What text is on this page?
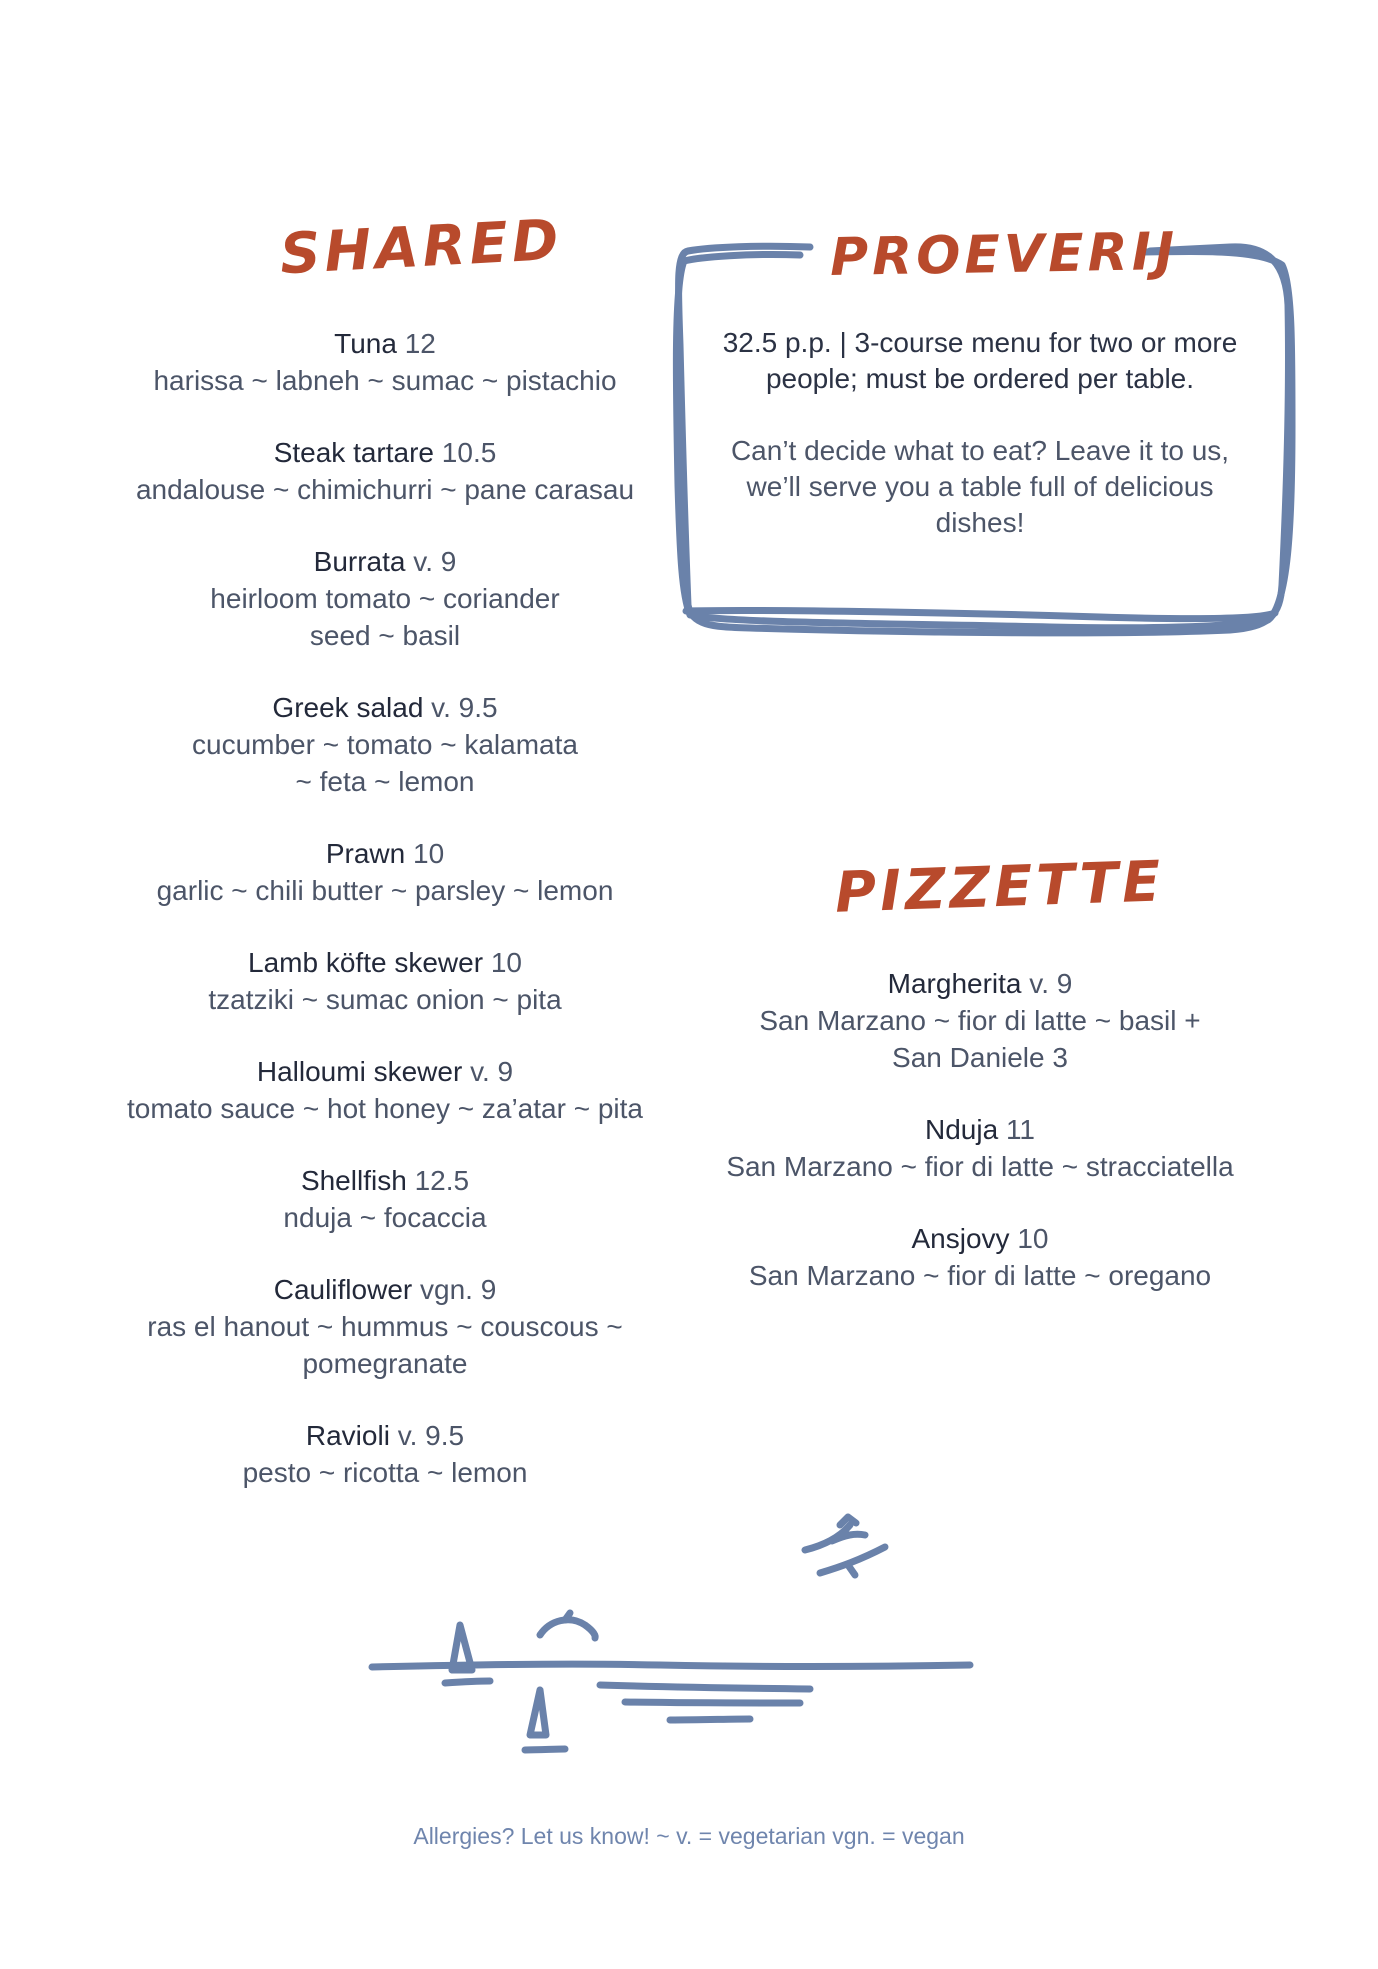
SHARED
Tuna 12
harissa ~ labneh ~ sumac ~ pistachio
Steak tartare 10.5
andalouse ~ chimichurri ~ pane carasau
Burrata v. 9
heirloom tomato ~ coriander seed ~ basil
Greek salad v. 9.5
cucumber ~ tomato ~ kalamata ~ feta ~ lemon
Prawn 10
garlic ~ chili butter ~ parsley ~ lemon
Lamb köfte skewer 10
tzatziki ~ sumac onion ~ pita
Halloumi skewer v. 9
tomato sauce ~ hot honey ~ za’atar ~ pita
Shellfish 12.5
nduja ~ focaccia
Cauliflower vgn. 9
ras el hanout ~ hummus ~ couscous ~ pomegranate
Ravioli v. 9.5
pesto ~ ricotta ~ lemon
PROEVERIJ

32.5 p.p. | 3-course menu for two or more people; must be ordered per table.

Can’t decide what to eat? Leave it to us, we’ll serve you a table full of delicious dishes!

PIZZETTE
Margherita v. 9
San Marzano ~ fior di latte ~ basil + San Daniele 3
Nduja 11
San Marzano ~ fior di latte ~ stracciatella
Ansjovy 10
San Marzano ~ fior di latte ~ oregano
Allergies? Let us know! ~ v. = vegetarian vgn. = vegan
